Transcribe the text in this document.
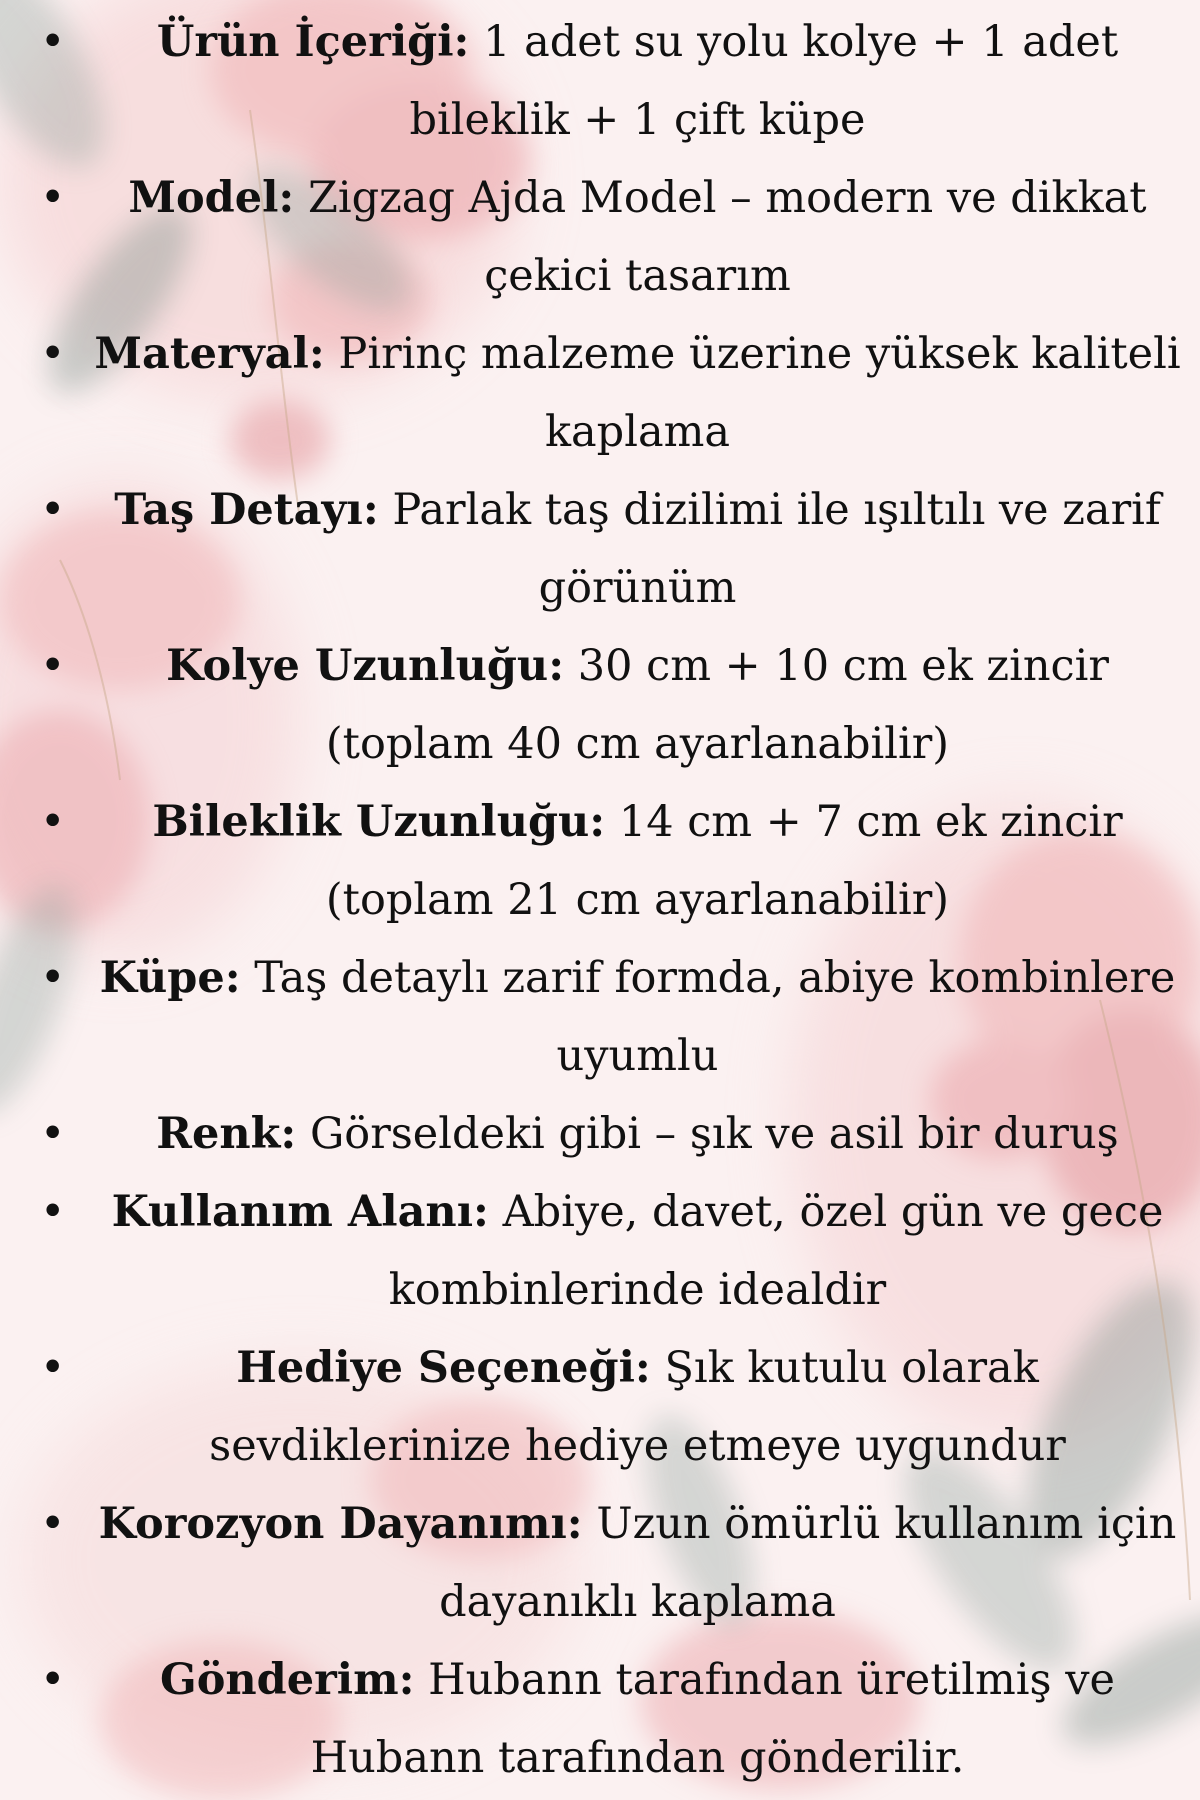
• Ürün İçeriği: 1 adet su yolu kolye + 1 adet bileklik + 1 çift küpe
• Model: Zigzag Ajda Model – modern ve dikkat çekici tasarım
• Materyal: Pirinç malzeme üzerine yüksek kaliteli kaplama
• Taş Detayı: Parlak taş dizilimi ile ışıltılı ve zarif görünüm
• Kolye Uzunluğu: 30 cm + 10 cm ek zincir (toplam 40 cm ayarlanabilir)
• Bileklik Uzunluğu: 14 cm + 7 cm ek zincir (toplam 21 cm ayarlanabilir)
• Küpe: Taş detaylı zarif formda, abiye kombinlere uyumlu
• Renk: Görseldeki gibi – şık ve asil bir duruş
• Kullanım Alanı: Abiye, davet, özel gün ve gece kombinlerinde idealdir
•	Hediye Seçeneği: Şık kutulu olarak sevdiklerinize hediye etmeye uygundur
• Korozyon Dayanımı: Uzun ömürlü kullanım için dayanıklı kaplama
• Gönderim: Hubann tarafından üretilmiş ve Hubann tarafından gönderilir.
